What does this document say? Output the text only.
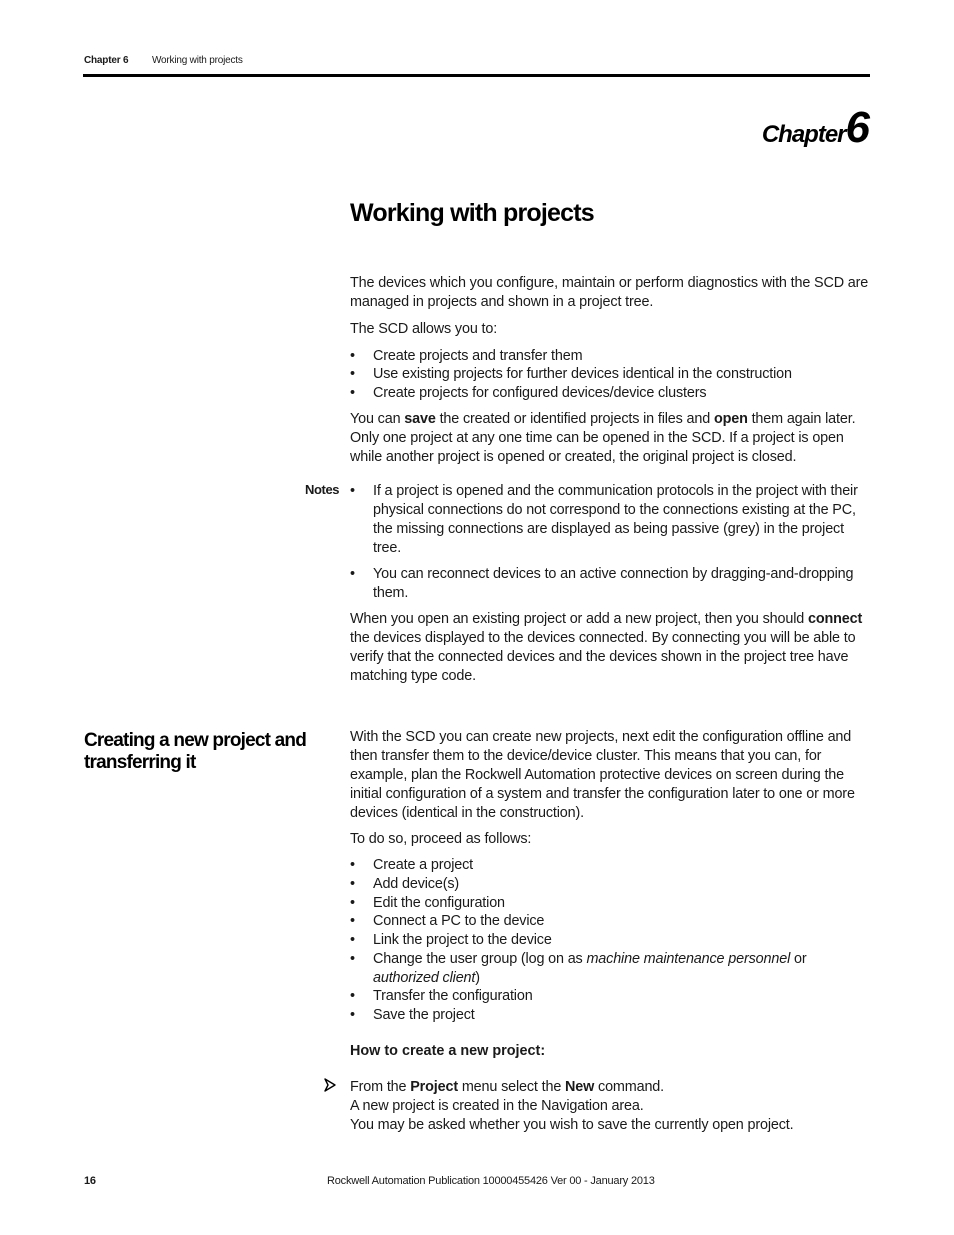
Chapter 6 Working with projects
Chapter6
Working with projects
The devices which you configure, maintain or perform diagnostics with the SCD are managed in projects and shown in a project tree.
The SCD allows you to:
•	Create projects and transfer them
•	Use existing projects for further devices identical in the construction
•	Create projects for configured devices/device clusters
You can save the created or identified projects in files and open them again later. Only one project at any one time can be opened in the SCD. If a project is open while another project is opened or created, the original project is closed.
Notes •	If a project is opened and the communication protocols in the project with their physical connections do not correspond to the connections existing at the PC, the missing connections are displayed as being passive (grey) in the project tree.
•	You can reconnect devices to an active connection by dragging-and-dropping them.
When you open an existing project or add a new project, then you should connect the devices displayed to the devices connected. By connecting you will be able to verify that the connected devices and the devices shown in the project tree have matching type code.
Creating a new project and transferring it
With the SCD you can create new projects, next edit the configuration offline and then transfer them to the device/device cluster. This means that you can, for example, plan the Rockwell Automation protective devices on screen during the initial configuration of a system and transfer the configuration later to one or more devices (identical in the construction).
To do so, proceed as follows:
•	Create a project
•	Add device(s)
•	Edit the configuration
•	Connect a PC to the device
•	Link the project to the device
•	Change the user group (log on as machine maintenance personnel or authorized client)
•	Transfer the configuration
•	Save the project
How to create a new project:
From the Project menu select the New command.
A new project is created in the Navigation area.
You may be asked whether you wish to save the currently open project.
16	Rockwell Automation Publication 10000455426 Ver 00 - January 2013
